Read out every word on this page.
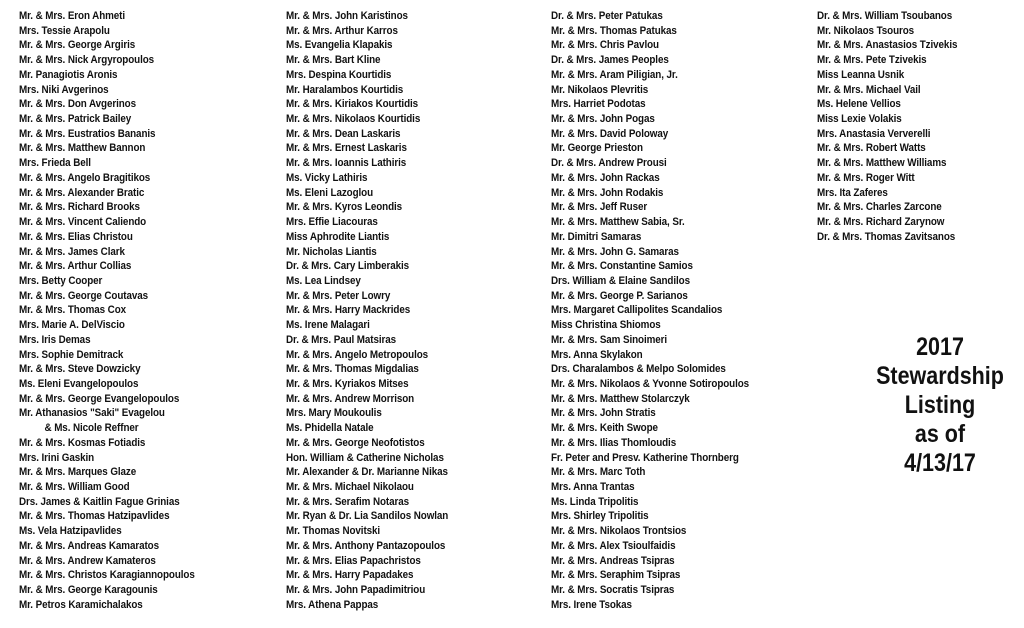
Mr. & Mrs. Eron Ahmeti
Mrs. Tessie Arapolu
Mr. & Mrs. George Argiris
Mr. & Mrs. Nick Argyropoulos
Mr. Panagiotis Aronis
Mrs. Niki Avgerinos
Mr. & Mrs. Don Avgerinos
Mr. & Mrs. Patrick Bailey
Mr. & Mrs. Eustratios Bananis
Mr. & Mrs. Matthew Bannon
Mrs. Frieda Bell
Mr. & Mrs. Angelo Bragitikos
Mr. & Mrs. Alexander Bratic
Mr. & Mrs. Richard Brooks
Mr. & Mrs. Vincent Caliendo
Mr. & Mrs. Elias Christou
Mr. & Mrs. James Clark
Mr. & Mrs. Arthur Collias
Mrs. Betty Cooper
Mr. & Mrs. George Coutavas
Mr. & Mrs. Thomas Cox
Mrs. Marie A. DelViscio
Mrs. Iris Demas
Mrs. Sophie Demitrack
Mr. & Mrs. Steve Dowzicky
Ms. Eleni Evangelopoulos
Mr. & Mrs. George Evangelopoulos
Mr. Athanasios "Saki" Evagelou
& Ms. Nicole Reffner
Mr. & Mrs. Kosmas Fotiadis
Mrs. Irini Gaskin
Mr. & Mrs. Marques Glaze
Mr. & Mrs. William Good
Drs. James & Kaitlin Fague Grinias
Mr. & Mrs. Thomas Hatzipavlides
Ms. Vela Hatzipavlides
Mr. & Mrs. Andreas Kamaratos
Mr. & Mrs. Andrew Kamateros
Mr. & Mrs. Christos Karagiannopoulos
Mr. & Mrs. George Karagounis
Mr. Petros Karamichalakos
Mr. & Mrs. John Karistinos
Mr. & Mrs. Arthur Karros
Ms. Evangelia Klapakis
Mr. & Mrs. Bart Kline
Mrs. Despina Kourtidis
Mr. Haralambos Kourtidis
Mr. & Mrs. Kiriakos Kourtidis
Mr. & Mrs. Nikolaos Kourtidis
Mr. & Mrs. Dean Laskaris
Mr. & Mrs. Ernest Laskaris
Mr. & Mrs. Ioannis Lathiris
Ms. Vicky Lathiris
Ms. Eleni Lazoglou
Mr. & Mrs. Kyros Leondis
Mrs. Effie Liacouras
Miss Aphrodite Liantis
Mr. Nicholas Liantis
Dr. & Mrs. Cary Limberakis
Ms. Lea Lindsey
Mr. & Mrs. Peter Lowry
Mr. & Mrs. Harry Mackrides
Ms. Irene Malagari
Dr. & Mrs. Paul Matsiras
Mr. & Mrs. Angelo Metropoulos
Mr. & Mrs. Thomas Migdalias
Mr. & Mrs. Kyriakos Mitses
Mr. & Mrs. Andrew Morrison
Mrs. Mary Moukoulis
Ms. Phidella Natale
Mr. & Mrs. George Neofotistos
Hon. William & Catherine Nicholas
Mr. Alexander & Dr. Marianne Nikas
Mr. & Mrs. Michael Nikolaou
Mr. & Mrs. Serafim Notaras
Mr. Ryan & Dr. Lia Sandilos Nowlan
Mr. Thomas Novitski
Mr. & Mrs. Anthony Pantazopoulos
Mr. & Mrs. Elias Papachristos
Mr. & Mrs. Harry Papadakes
Mr. & Mrs. John Papadimitriou
Mrs. Athena Pappas
Dr. & Mrs. Peter Patukas
Mr. & Mrs. Thomas Patukas
Mr. & Mrs. Chris Pavlou
Dr. & Mrs. James Peoples
Mr. & Mrs. Aram Piligian, Jr.
Mr. Nikolaos Plevritis
Mrs. Harriet Podotas
Mr. & Mrs. John Pogas
Mr. & Mrs. David Poloway
Mr. George Prieston
Dr. & Mrs. Andrew Prousi
Mr. & Mrs. John Rackas
Mr. & Mrs. John Rodakis
Mr. & Mrs. Jeff Ruser
Mr. & Mrs. Matthew Sabia, Sr.
Mr. Dimitri Samaras
Mr. & Mrs. John G. Samaras
Mr. & Mrs. Constantine Samios
Drs. William & Elaine Sandilos
Mr. & Mrs. George P. Sarianos
Mrs. Margaret Callipolites Scandalios
Miss Christina Shiomos
Mr. & Mrs. Sam Sinoimeri
Mrs. Anna Skylakon
Drs. Charalambos & Melpo Solomides
Mr. & Mrs. Nikolaos & Yvonne Sotiropoulos
Mr. & Mrs. Matthew Stolarczyk
Mr. & Mrs. John Stratis
Mr. & Mrs. Keith Swope
Mr. & Mrs. Ilias Thomloudis
Fr. Peter and Presv. Katherine Thornberg
Mr. & Mrs. Marc Toth
Mrs. Anna Trantas
Ms. Linda Tripolitis
Mrs. Shirley Tripolitis
Mr. & Mrs. Nikolaos Trontsios
Mr. & Mrs. Alex Tsioulfaidis
Mr. & Mrs. Andreas Tsipras
Mr. & Mrs. Seraphim Tsipras
Mr. & Mrs. Socratis Tsipras
Mrs. Irene Tsokas
Dr. & Mrs. William Tsoubanos
Mr. Nikolaos Tsouros
Mr. & Mrs. Anastasios Tzivekis
Mr. & Mrs. Pete Tzivekis
Miss Leanna Usnik
Mr. & Mrs. Michael Vail
Ms. Helene Vellios
Miss Lexie Volakis
Mrs. Anastasia Ververelli
Mr. & Mrs. Robert Watts
Mr. & Mrs. Matthew Williams
Mr. & Mrs. Roger Witt
Mrs. Ita Zaferes
Mr. & Mrs. Charles Zarcone
Mr. & Mrs. Richard Zarynow
Dr. & Mrs. Thomas Zavitsanos
2017
Stewardship
Listing
as of
4/13/17
